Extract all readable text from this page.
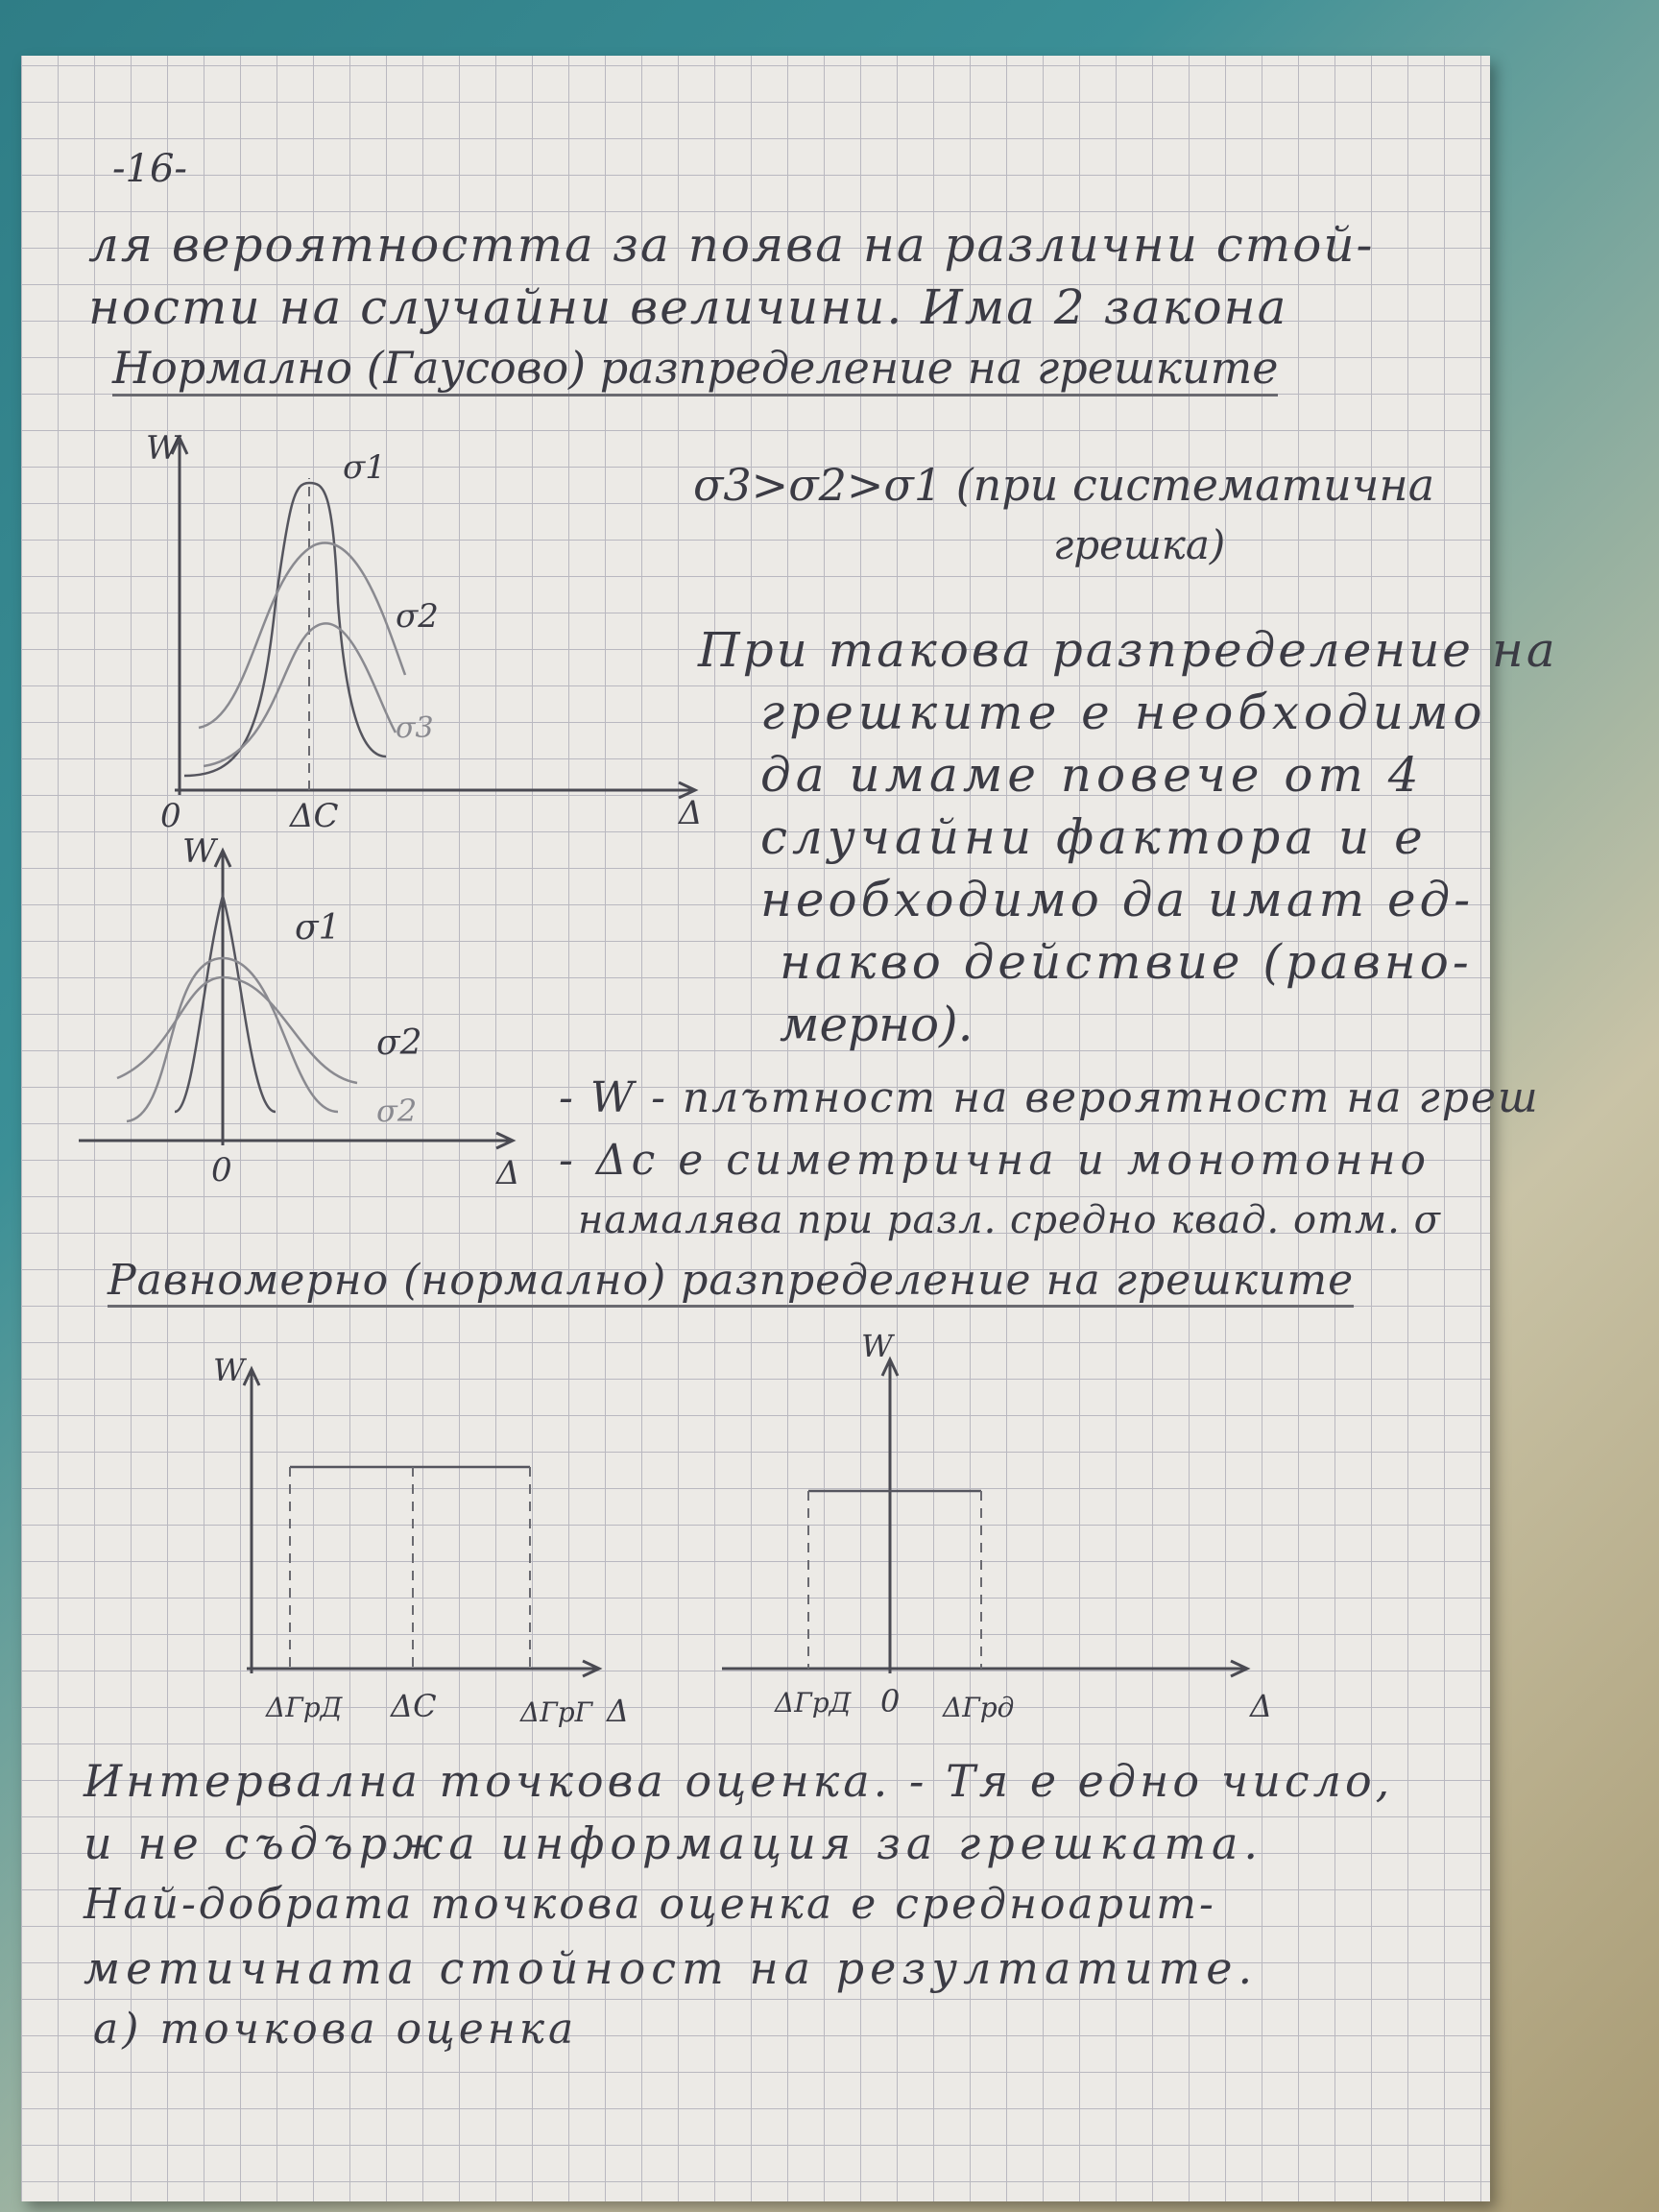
-16-
ля вероятността за поява на различни стой-
ности на случайни величини. Има 2 закона
Нормално (Гаусово) разпределение на грешките
W
Δ
0	ΔC
σ1
σ2
σ3
σ3>σ2>σ1 (при систематична
грешка)
При такова разпределение на
грешките е необходимо
да имаме повече от 4
случайни фактора и е
необходимо да имат ед-
накво действие (равно-
мерно).
W
Δ
0
σ1
σ2
σ2	- W - плътност на вероятност на греш
- Δc е симетрична и монотонно
намалява при разл. средно квад. отм. σ
Равномерно (нормално) разпределение на грешките
W
Δ
ΔГрД ΔC	ΔГрГ
W
Δ
ΔГрД 0 ΔГрд
Интервална точкова оценка. - Тя е едно число,
и не съдържа информация за грешката.
Най-добрата точкова оценка е средноарит-
метичната стойност на резултатите.
а) точкова оценка
